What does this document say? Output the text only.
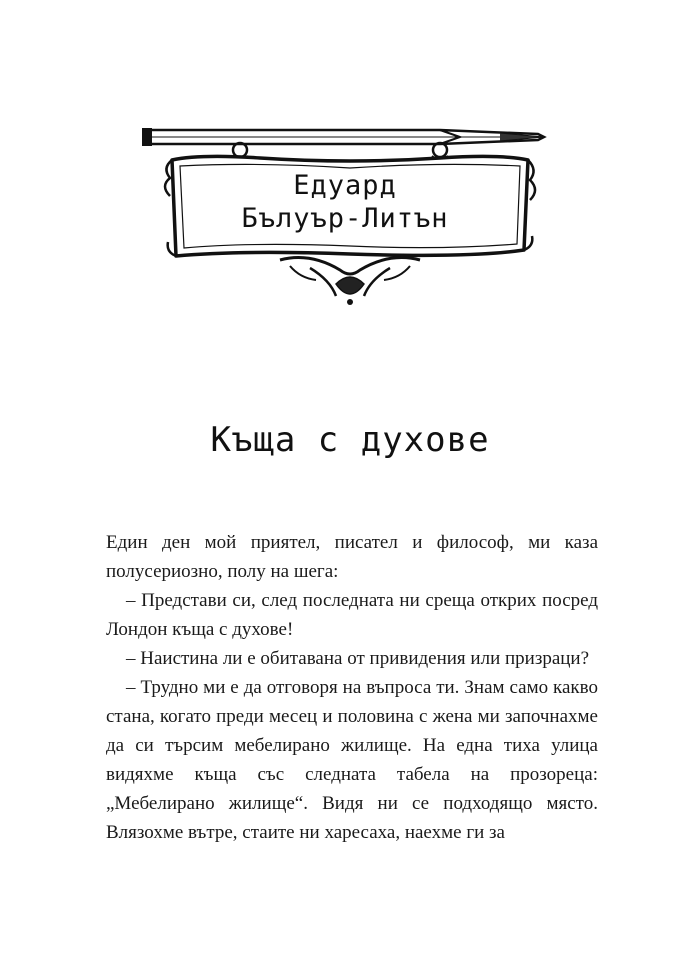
Едуард
Бълуър-Литън
Къща с духове

Един ден мой приятел, писател и философ, ми каза полусериозно, полу на шега:

– Представи си, след последната ни среща открих посред Лондон къща с духове!

– Наистина ли е обитавана от привидения или призраци?

– Трудно ми е да отговоря на въпроса ти. Знам само какво стана, когато преди месец и половина с жена ми започнахме да си търсим мебелирано жилище. На една тиха улица видяхме къща със следната табела на прозореца: „Мебелирано жилище“. Видя ни се подходящо място. Влязохме вътре, стаите ни харесаха, наехме ги за
